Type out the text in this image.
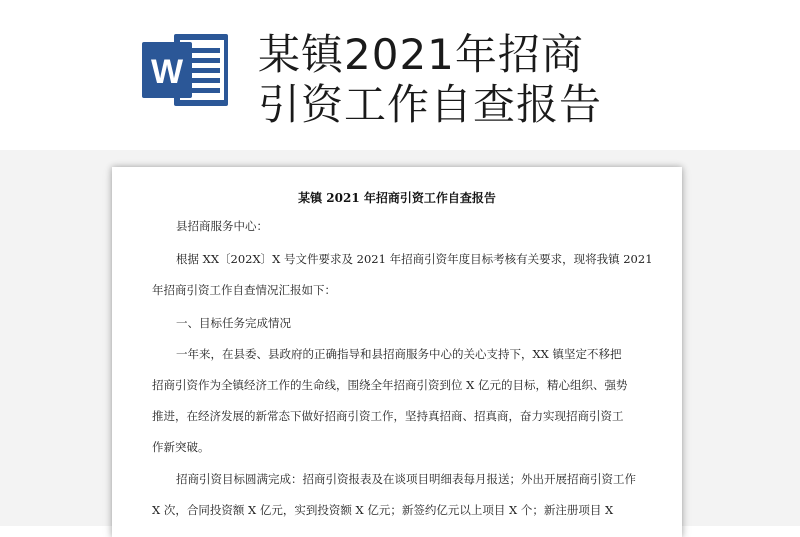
W 某镇2021年招商
引资工作自查报告
某镇 2021 年招商引资工作自查报告
县招商服务中心：
根据 XX〔202X〕X 号文件要求及 2021 年招商引资年度目标考核有关要求，现将我镇 2021
年招商引资工作自查情况汇报如下：
一、目标任务完成情况
一年来，在县委、县政府的正确指导和县招商服务中心的关心支持下，XX 镇坚定不移把
招商引资作为全镇经济工作的生命线，围绕全年招商引资到位 X 亿元的目标，精心组织、强势
推进，在经济发展的新常态下做好招商引资工作，坚持真招商、招真商，奋力实现招商引资工
作新突破。
招商引资目标圆满完成：招商引资报表及在谈项目明细表每月报送；外出开展招商引资工作
X 次，合同投资额 X 亿元，实到投资额 X 亿元；新签约亿元以上项目 X 个；新注册项目 X
